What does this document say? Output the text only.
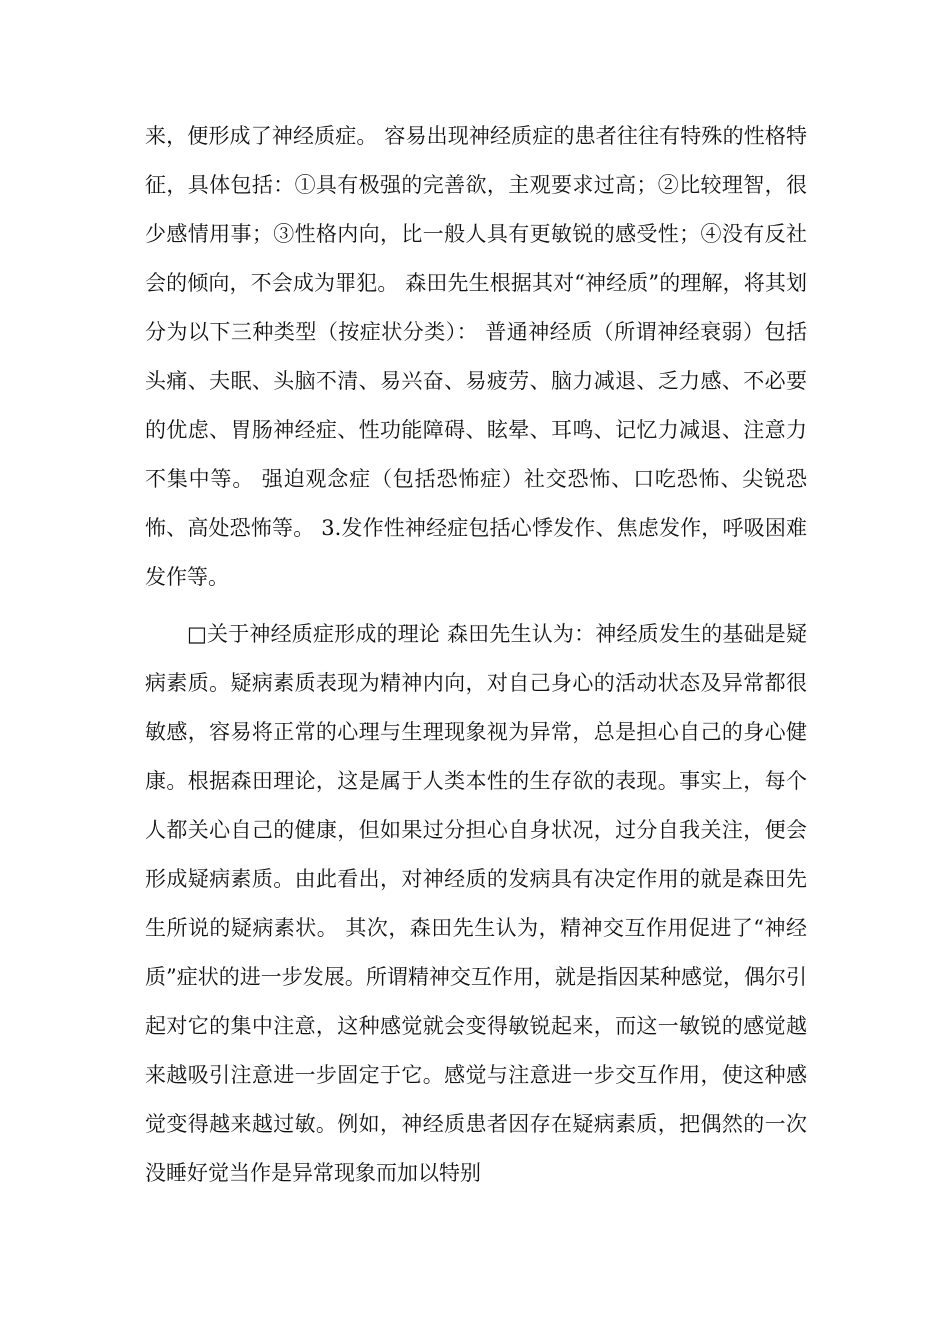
来，便形成了神经质症。 容易出现神经质症的患者往往有特殊的性格特征，具体包括：①具有极强的完善欲，主观要求过高；②比较理智，很少感情用事；③性格内向，比一般人具有更敏锐的感受性；④没有反社会的倾向，不会成为罪犯。 森田先生根据其对“神经质”的理解，将其划分为以下三种类型（按症状分类）： 普通神经质（所谓神经衰弱）包括头痛、夫眠、头脑不清、易兴奋、易疲劳、脑力减退、乏力感、不必要的优虑、胃肠神经症、性功能障碍、眩晕、耳鸣、记忆力减退、注意力不集中等。 强迫观念症（包括恐怖症）社交恐怖、口吃恐怖、尖锐恐怖、高处恐怖等。 3.发作性神经症包括心悸发作、焦虑发作，呼吸困难发作等。

□关于神经质症形成的理论 森田先生认为：神经质发生的基础是疑病素质。疑病素质表现为精神内向，对自己身心的活动状态及异常都很敏感，容易将正常的心理与生理现象视为异常，总是担心自己的身心健康。根据森田理论，这是属于人类本性的生存欲的表现。事实上，每个人都关心自己的健康，但如果过分担心自身状况，过分自我关注，便会形成疑病素质。由此看出，对神经质的发病具有决定作用的就是森田先生所说的疑病素状。 其次，森田先生认为，精神交互作用促进了“神经质”症状的进一步发展。所谓精神交互作用，就是指因某种感觉，偶尔引起对它的集中注意，这种感觉就会变得敏锐起来，而这一敏锐的感觉越来越吸引注意进一步固定于它。感觉与注意进一步交互作用，使这种感觉变得越来越过敏。例如，神经质患者因存在疑病素质，把偶然的一次没睡好觉当作是异常现象而加以特别
